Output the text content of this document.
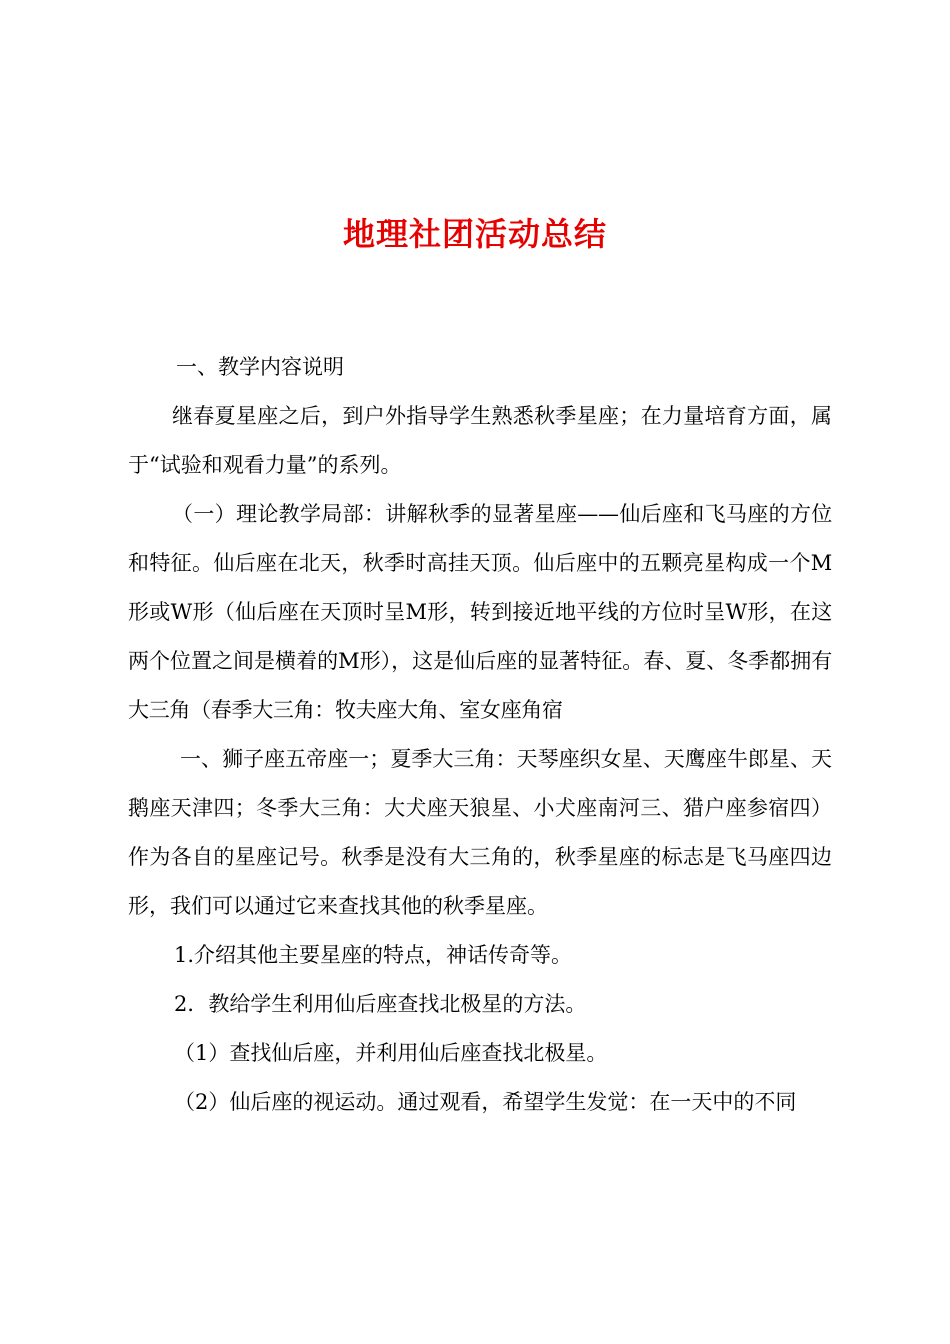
地理社团活动总结

一、教学内容说明

继春夏星座之后，到户外指导学生熟悉秋季星座；在力量培育方面，属于“试验和观看力量”的系列。

（一）理论教学局部：讲解秋季的显著星座——仙后座和飞马座的方位和特征。仙后座在北天，秋季时高挂天顶。仙后座中的五颗亮星构成一个M形或W形（仙后座在天顶时呈M形，转到接近地平线的方位时呈W形，在这两个位置之间是横着的M形），这是仙后座的显著特征。春、夏、冬季都拥有大三角（春季大三角：牧夫座大角、室女座角宿

一、狮子座五帝座一；夏季大三角：天琴座织女星、天鹰座牛郎星、天鹅座天津四；冬季大三角：大犬座天狼星、小犬座南河三、猎户座参宿四）作为各自的星座记号。秋季是没有大三角的，秋季星座的标志是飞马座四边形，我们可以通过它来查找其他的秋季星座。

1.介绍其他主要星座的特点，神话传奇等。

2．教给学生利用仙后座查找北极星的方法。

（1）查找仙后座，并利用仙后座查找北极星。

（2）仙后座的视运动。通过观看，希望学生发觉：在一天中的不同
